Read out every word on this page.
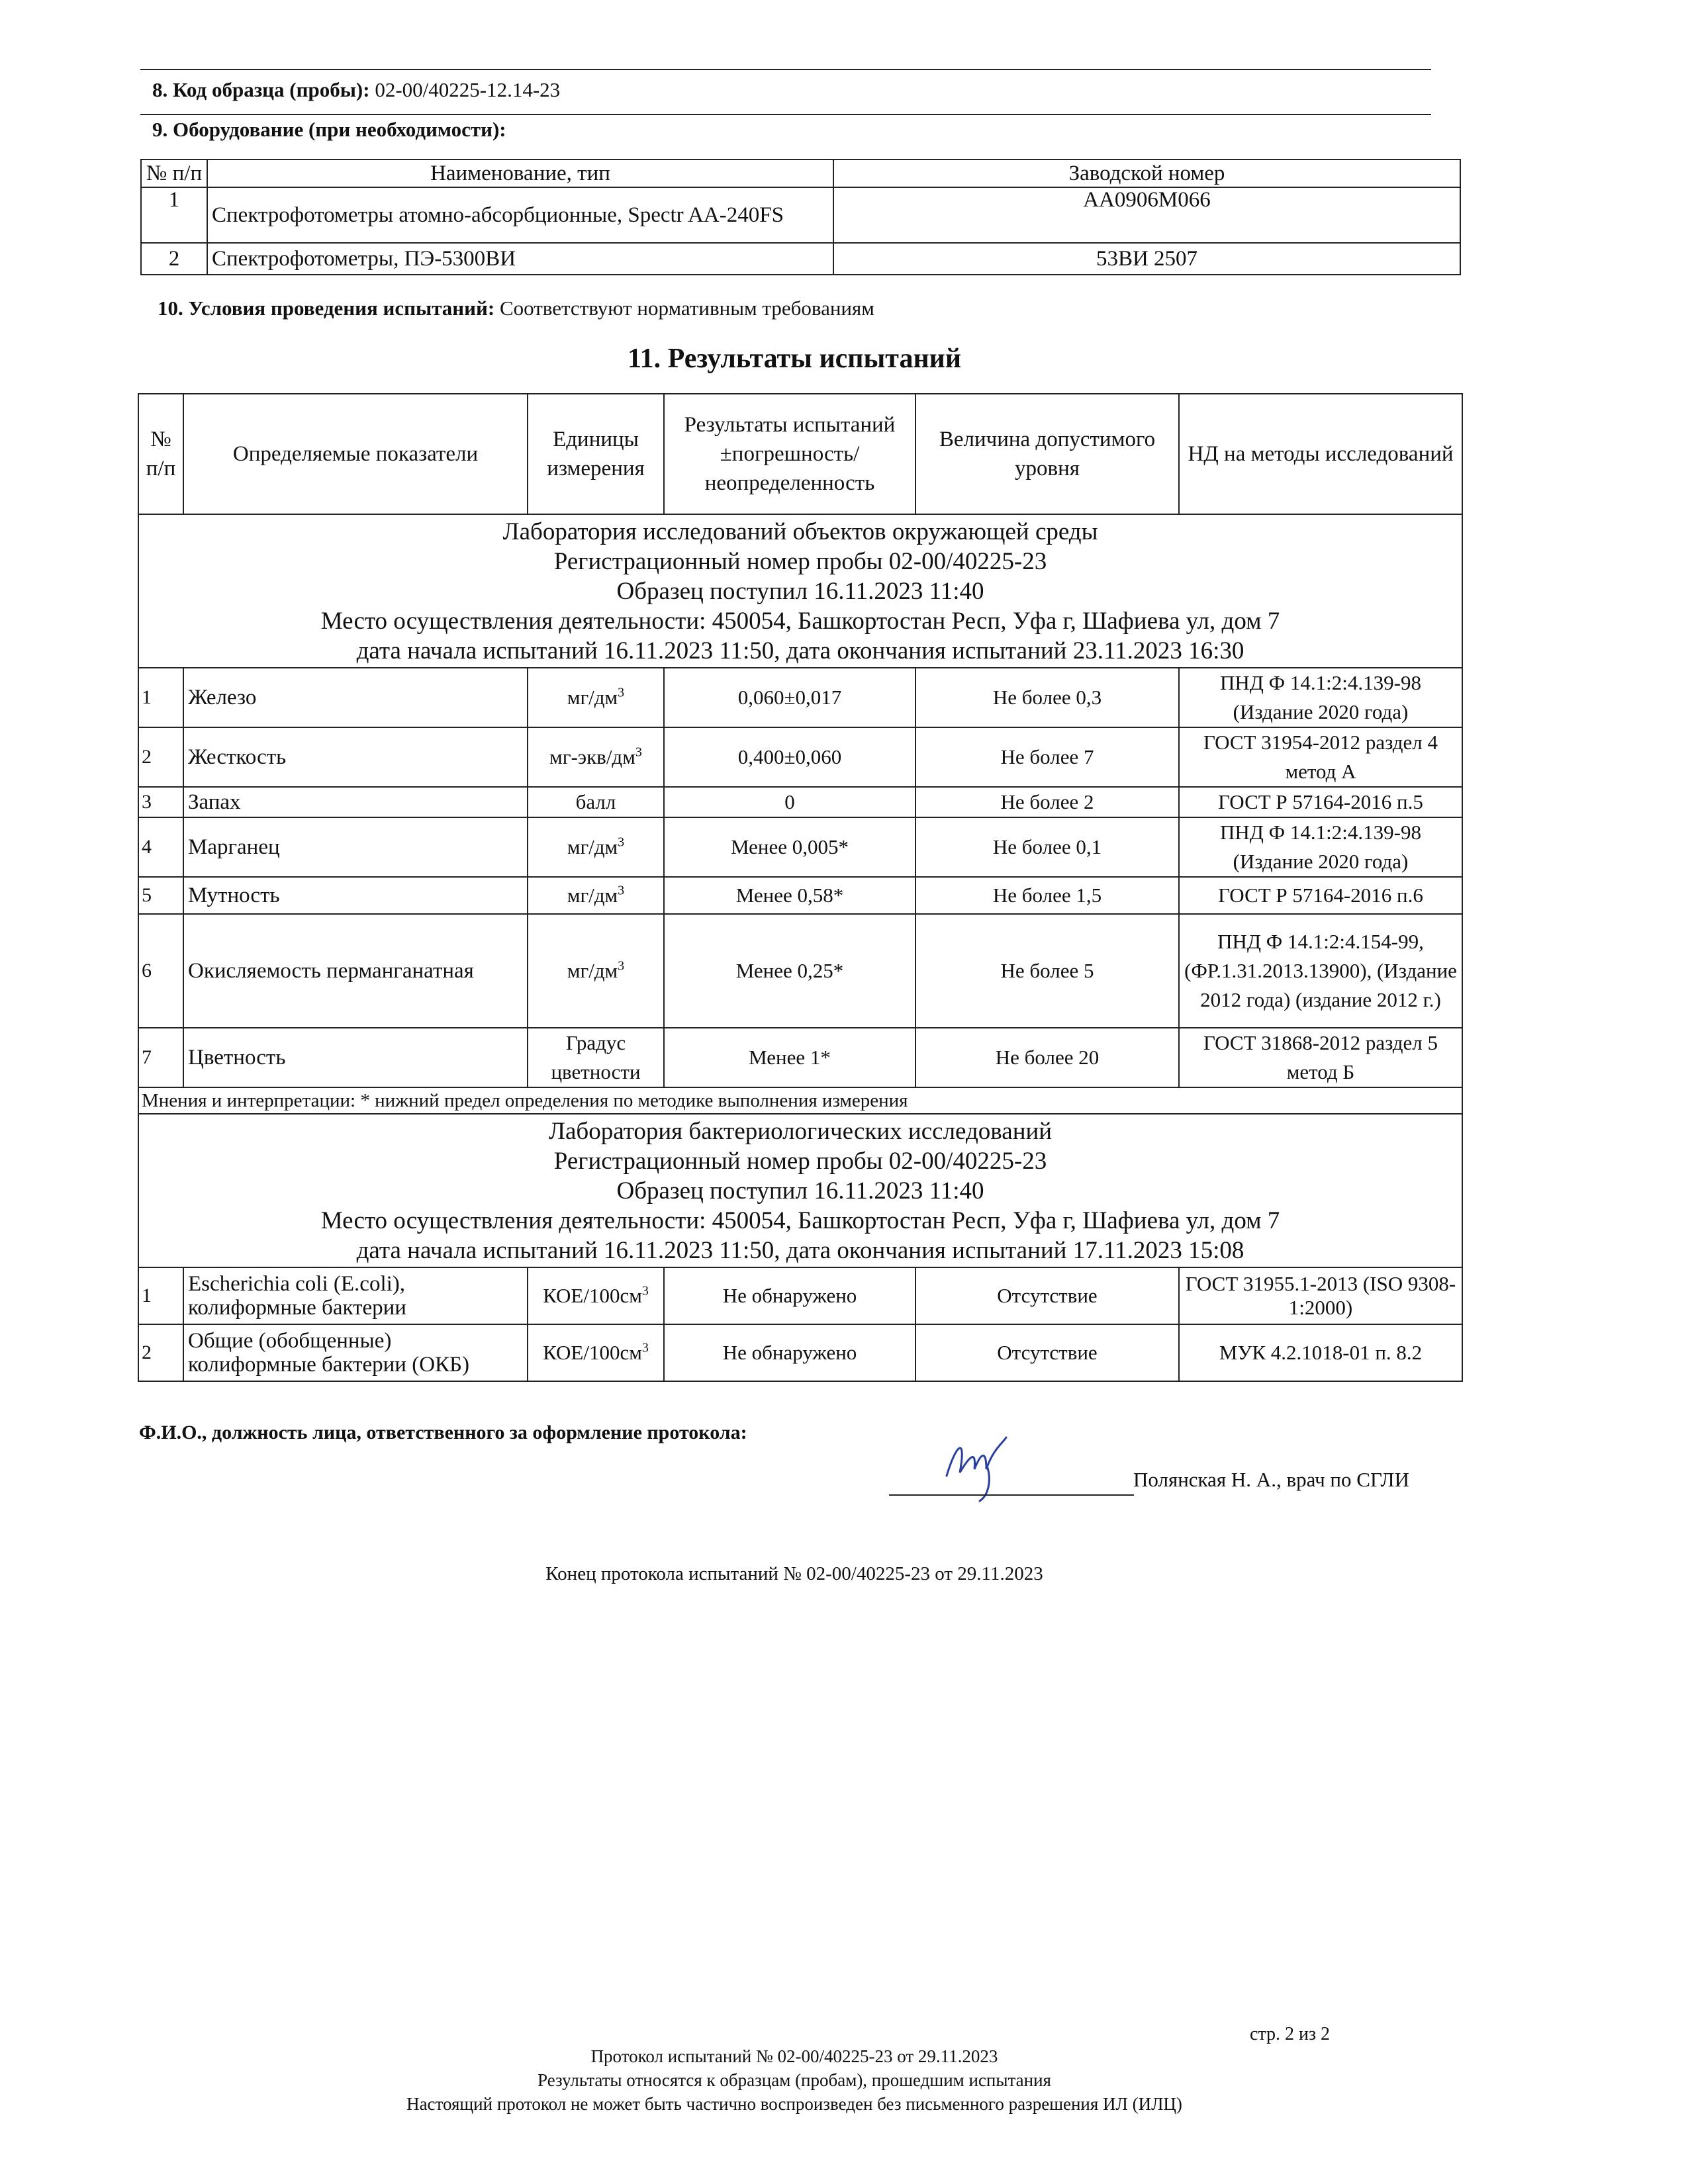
8. Код образца (пробы): 02-00/40225-12.14-23
9. Оборудование (при необходимости):
№ п/п	Наименование, тип	Заводской номер
1	Спектрофотометры атомно-абсорбционные, Spectr AA-240FS	AA0906M066
2	Спектрофотометры, ПЭ-5300ВИ	53ВИ 2507
10. Условия проведения испытаний: Соответствуют нормативным требованиям
11. Результаты испытаний
№ п/п	Определяемые показатели	Единицы измерения	Результаты испытаний ±погрешность/ неопределенность	Величина допустимого уровня	НД на методы исследований

Лаборатория исследований объектов окружающей среды
Регистрационный номер пробы 02-00/40225-23
Образец поступил 16.11.2023 11:40
Место осуществления деятельности: 450054, Башкортостан Респ, Уфа г, Шафиева ул, дом 7
дата начала испытаний 16.11.2023 11:50, дата окончания испытаний 23.11.2023 16:30					

1	Железо	$мг/дм^3$	0,060±0,017	Не более 0,3	ПНД Ф 14.1:2:4.139-98 (Издание 2020 года)
2	Жесткость	$мг-экв/дм^3$	0,400±0,060	Не более 7	ГОСТ 31954-2012 раздел 4 метод А
3	Запах	балл	0	Не более 2	ГОСТ Р 57164-2016 п.5
4	Марганец	$мг/дм^3$	Менее 0,005*	Не более 0,1	ПНД Ф 14.1:2:4.139-98 (Издание 2020 года)
5	Мутность	$мг/дм^3$	Менее 0,58*	Не более 1,5	ГОСТ Р 57164-2016 п.6
6	Окисляемость перманганатная	$мг/дм^3$	Менее 0,25*	Не более 5	ПНД Ф 14.1:2:4.154-99, (ФР.1.31.2013.13900), (Издание 2012 года) (издание 2012 г.)
7	Цветность	Градус цветности	Менее 1*	Не более 20	ГОСТ 31868-2012 раздел 5 метод Б
Мнения и интерпретации: * нижний предел определения по методике выполнения измерения					

Лаборатория бактериологических исследований
Регистрационный номер пробы 02-00/40225-23
Образец поступил 16.11.2023 11:40
Место осуществления деятельности: 450054, Башкортостан Респ, Уфа г, Шафиева ул, дом 7
дата начала испытаний 16.11.2023 11:50, дата окончания испытаний 17.11.2023 15:08					

1	Escherichia coli (E.coli), колиформные бактерии	КОЕ/$100см^3$	Не обнаружено	Отсутствие	ГОСТ 31955.1-2013 (ISO 9308-1:2000)
2	Общие (обобщенные) колиформные бактерии (ОКБ)	КОЕ/$100см^3$	Не обнаружено	Отсутствие	МУК 4.2.1018-01 п. 8.2
Ф.И.О., должность лица, ответственного за оформление протокола:
Полянская Н. А., врач по СГЛИ
Конец протокола испытаний № 02-00/40225-23 от 29.11.2023
стр. 2 из 2
Протокол испытаний № 02-00/40225-23 от 29.11.2023
Результаты относятся к образцам (пробам), прошедшим испытания
Настоящий протокол не может быть частично воспроизведен без письменного разрешения ИЛ (ИЛЦ)
